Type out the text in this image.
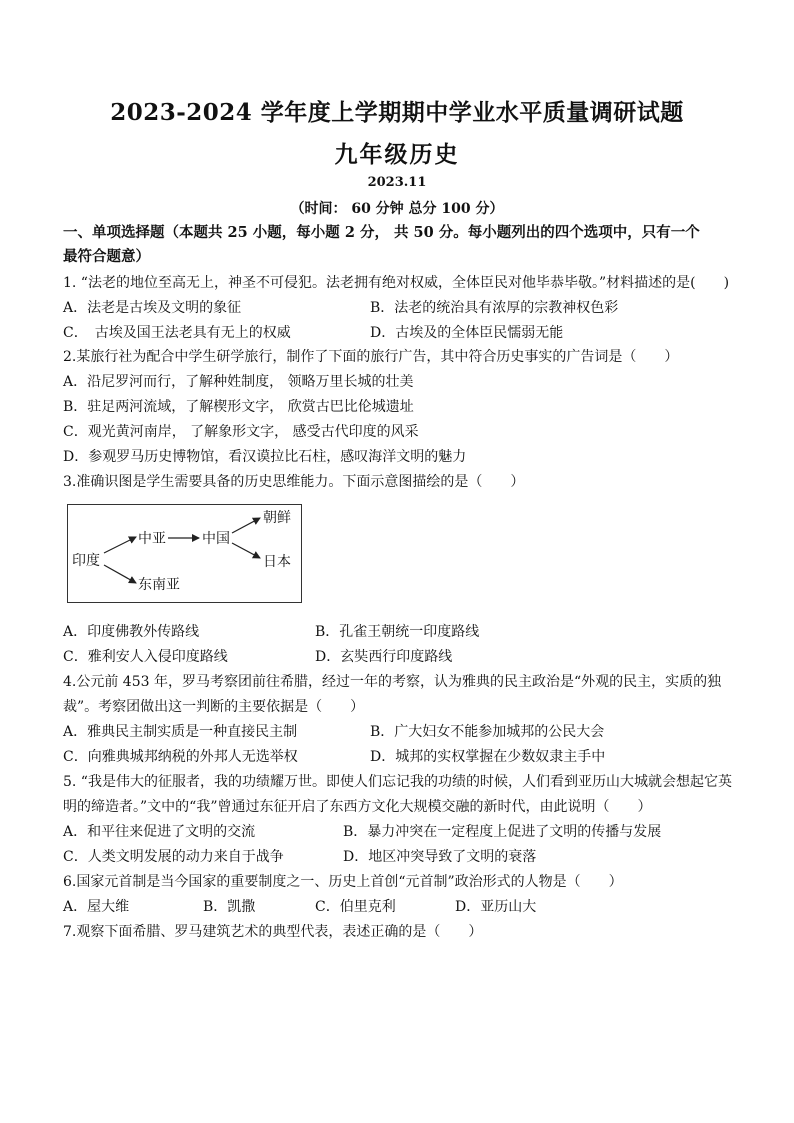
2023-2024 学年度上学期期中学业水平质量调研试题
九年级历史
2023.11
（时间： 60 分钟 总分 100 分）
一、单项选择题（本题共 25 小题，每小题 2 分， 共 50 分。每小题列出的四个选项中，只有一个
最符合题意）
1. “法老的地位至高无上，神圣不可侵犯。法老拥有绝对权威，全体臣民对他毕恭毕敬。”材料描述的是(　　)
A．法老是古埃及文明的象征	B．法老的统治具有浓厚的宗教神权色彩
C．　古埃及国王法老具有无上的权威	D．古埃及的全体臣民懦弱无能
2.某旅行社为配合中学生研学旅行，制作了下面的旅行广告，其中符合历史事实的广告词是（　　）
A．沿尼罗河而行，了解种姓制度， 领略万里长城的壮美
B．驻足两河流域，了解楔形文字， 欣赏古巴比伦城遗址
C．观光黄河南岸， 了解象形文字， 感受古代印度的风采
D．参观罗马历史博物馆，看汉谟拉比石柱，感叹海洋文明的魅力
3.准确识图是学生需要具备的历史思维能力。下面示意图描绘的是（　　）
印度
中亚	中国
朝鲜
日本
东南亚
A．印度佛教外传路线	B．孔雀王朝统一印度路线
C．雅利安人入侵印度路线	D．玄奘西行印度路线
4.公元前 453 年，罗马考察团前往希腊，经过一年的考察，认为雅典的民主政治是“外观的民主，实质的独
裁”。考察团做出这一判断的主要依据是（　　）
A．雅典民主制实质是一种直接民主制	B．广大妇女不能参加城邦的公民大会
C．向雅典城邦纳税的外邦人无选举权	D．城邦的实权掌握在少数奴隶主手中
5. “我是伟大的征服者，我的功绩耀万世。即使人们忘记我的功绩的时候，人们看到亚历山大城就会想起它英
明的缔造者。”文中的“我”曾通过东征开启了东西方文化大规模交融的新时代，由此说明（　　）
A．和平往来促进了文明的交流	B．暴力冲突在一定程度上促进了文明的传播与发展
C．人类文明发展的动力来自于战争	D．地区冲突导致了文明的衰落
6.国家元首制是当今国家的重要制度之一、历史上首创“元首制”政治形式的人物是（　　）
A．屋大维	B．凯撒	C．伯里克利	D．亚历山大
7.观察下面希腊、罗马建筑艺术的典型代表，表述正确的是（　　）
